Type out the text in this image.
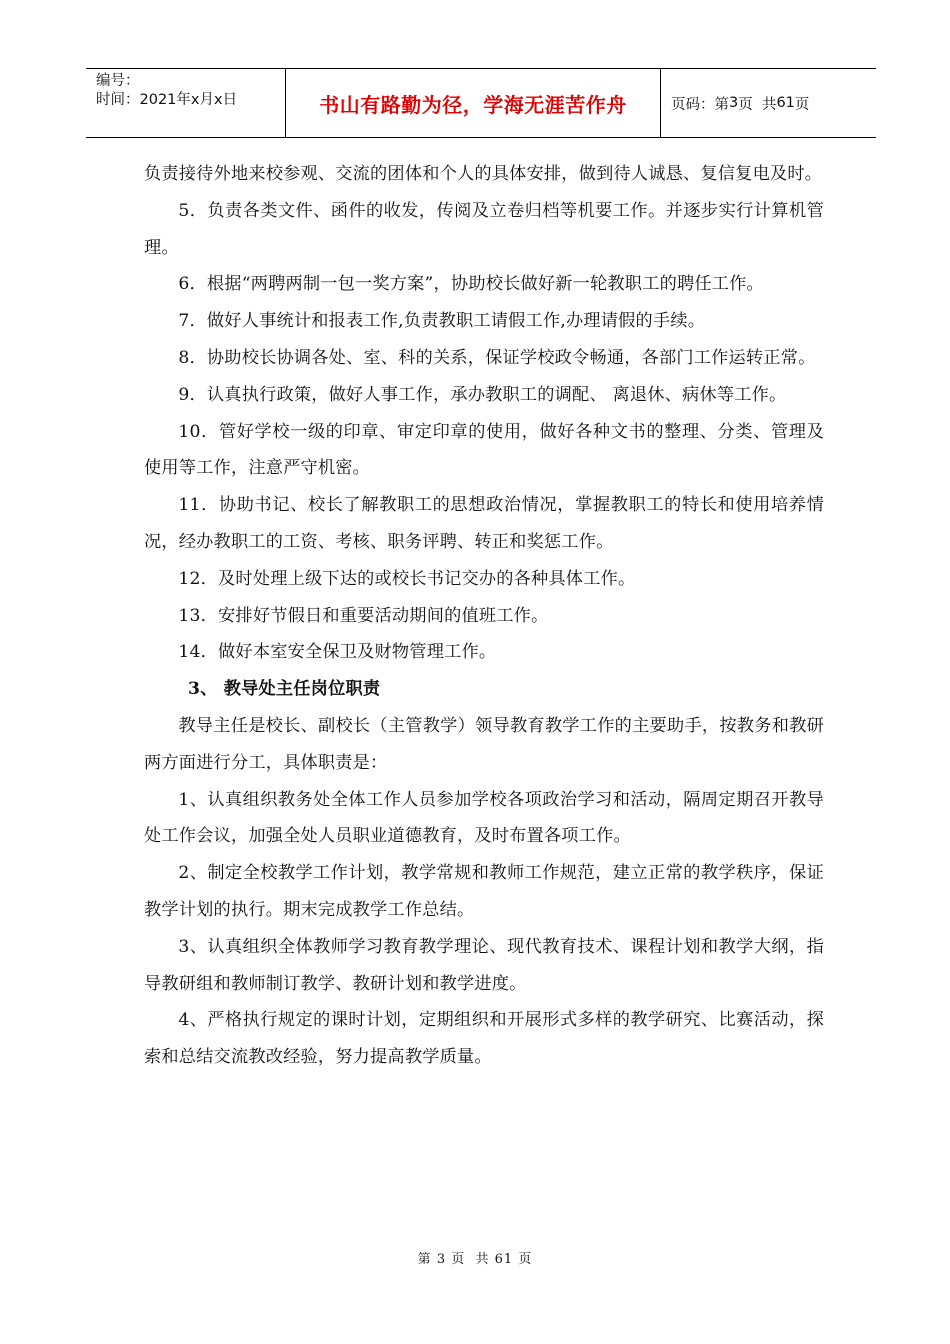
编号：
时间：2021年x月x日	书山有路勤为径，学海无涯苦作舟	页码：第 3 页  共 61 页

负责接待外地来校参观、交流的团体和个人的具体安排，做到待人诚恳、复信复电及时。

5．负责各类文件、函件的收发，传阅及立卷归档等机要工作。并逐步实行计算机管理。

6．根据“两聘两制一包一奖方案”，协助校长做好新一轮教职工的聘任工作。

7．做好人事统计和报表工作,负责教职工请假工作,办理请假的手续。

8．协助校长协调各处、室、科的关系，保证学校政令畅通，各部门工作运转正常。

9．认真执行政策，做好人事工作，承办教职工的调配、 离退休、病休等工作。

10．管好学校一级的印章、审定印章的使用，做好各种文书的整理、分类、管理及使用等工作，注意严守机密。

11．协助书记、校长了解教职工的思想政治情况，掌握教职工的特长和使用培养情况，经办教职工的工资、考核、职务评聘、转正和奖惩工作。

12．及时处理上级下达的或校长书记交办的各种具体工作。

13．安排好节假日和重要活动期间的值班工作。

14．做好本室安全保卫及财物管理工作。

3、 教导处主任岗位职责

教导主任是校长、副校长（主管教学）领导教育教学工作的主要助手，按教务和教研两方面进行分工，具体职责是：

1、认真组织教务处全体工作人员参加学校各项政治学习和活动，隔周定期召开教导处工作会议，加强全处人员职业道德教育，及时布置各项工作。

2、制定全校教学工作计划，教学常规和教师工作规范，建立正常的教学秩序，保证教学计划的执行。期末完成教学工作总结。

3、认真组织全体教师学习教育教学理论、现代教育技术、课程计划和教学大纲，指导教研组和教师制订教学、教研计划和教学进度。

4、严格执行规定的课时计划，定期组织和开展形式多样的教学研究、比赛活动，探索和总结交流教改经验，努力提高教学质量。

第 3 页  共 61 页
